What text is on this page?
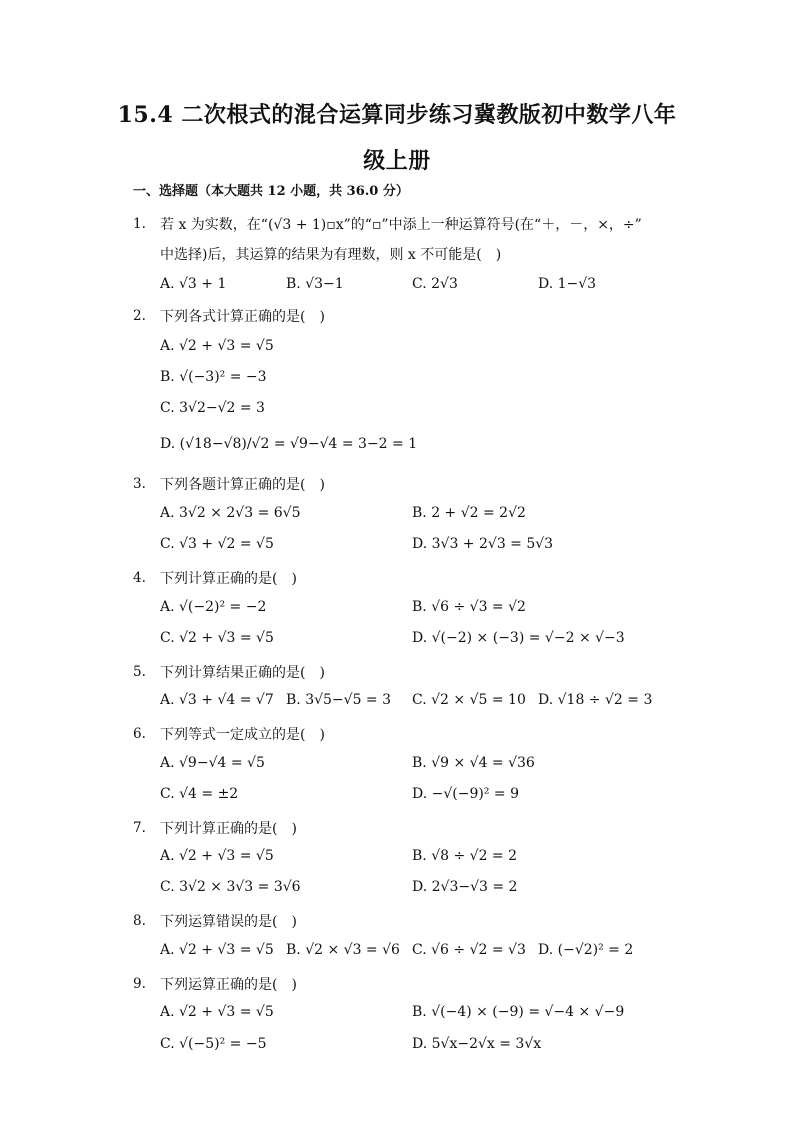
15.4 二次根式的混合运算同步练习冀教版初中数学八年
级上册
一、选择题（本大题共 12 小题，共 36.0 分）
1. 若 x 为实数，在“(√3 + 1)▫x”的“▫”中添上一种运算符号(在“＋，－，×，÷”
中选择)后，其运算的结果为有理数，则 x 不可能是(　)
A. √3 + 1	B. √3−1	C. 2√3	D. 1−√3
2. 下列各式计算正确的是(　)
A. √2 + √3 = √5
B. √(−3)² = −3
C. 3√2−√2 = 3
D. (√18−√8)/√2 = √9−√4 = 3−2 = 1
3. 下列各题计算正确的是(　)
A. 3√2 × 2√3 = 6√5	B. 2 + √2 = 2√2
C. √3 + √2 = √5	D. 3√3 + 2√3 = 5√3
4. 下列计算正确的是(　)
A. √(−2)² = −2	B. √6 ÷ √3 = √2
C. √2 + √3 = √5	D. √(−2) × (−3) = √−2 × √−3
5. 下列计算结果正确的是(　)
A. √3 + √4 = √7 B. 3√5−√5 = 3 C. √2 × √5 = 10 D. √18 ÷ √2 = 3
6. 下列等式一定成立的是(　)
A. √9−√4 = √5	B. √9 × √4 = √36
C. √4 = ±2	D. −√(−9)² = 9
7. 下列计算正确的是(　)
A. √2 + √3 = √5	B. √8 ÷ √2 = 2
C. 3√2 × 3√3 = 3√6	D. 2√3−√3 = 2
8. 下列运算错误的是(　)
A. √2 + √3 = √5 B. √2 × √3 = √6 C. √6 ÷ √2 = √3 D. (−√2)² = 2
9. 下列运算正确的是(　)
A. √2 + √3 = √5	B. √(−4) × (−9) = √−4 × √−9
C. √(−5)² = −5	D. 5√x−2√x = 3√x
